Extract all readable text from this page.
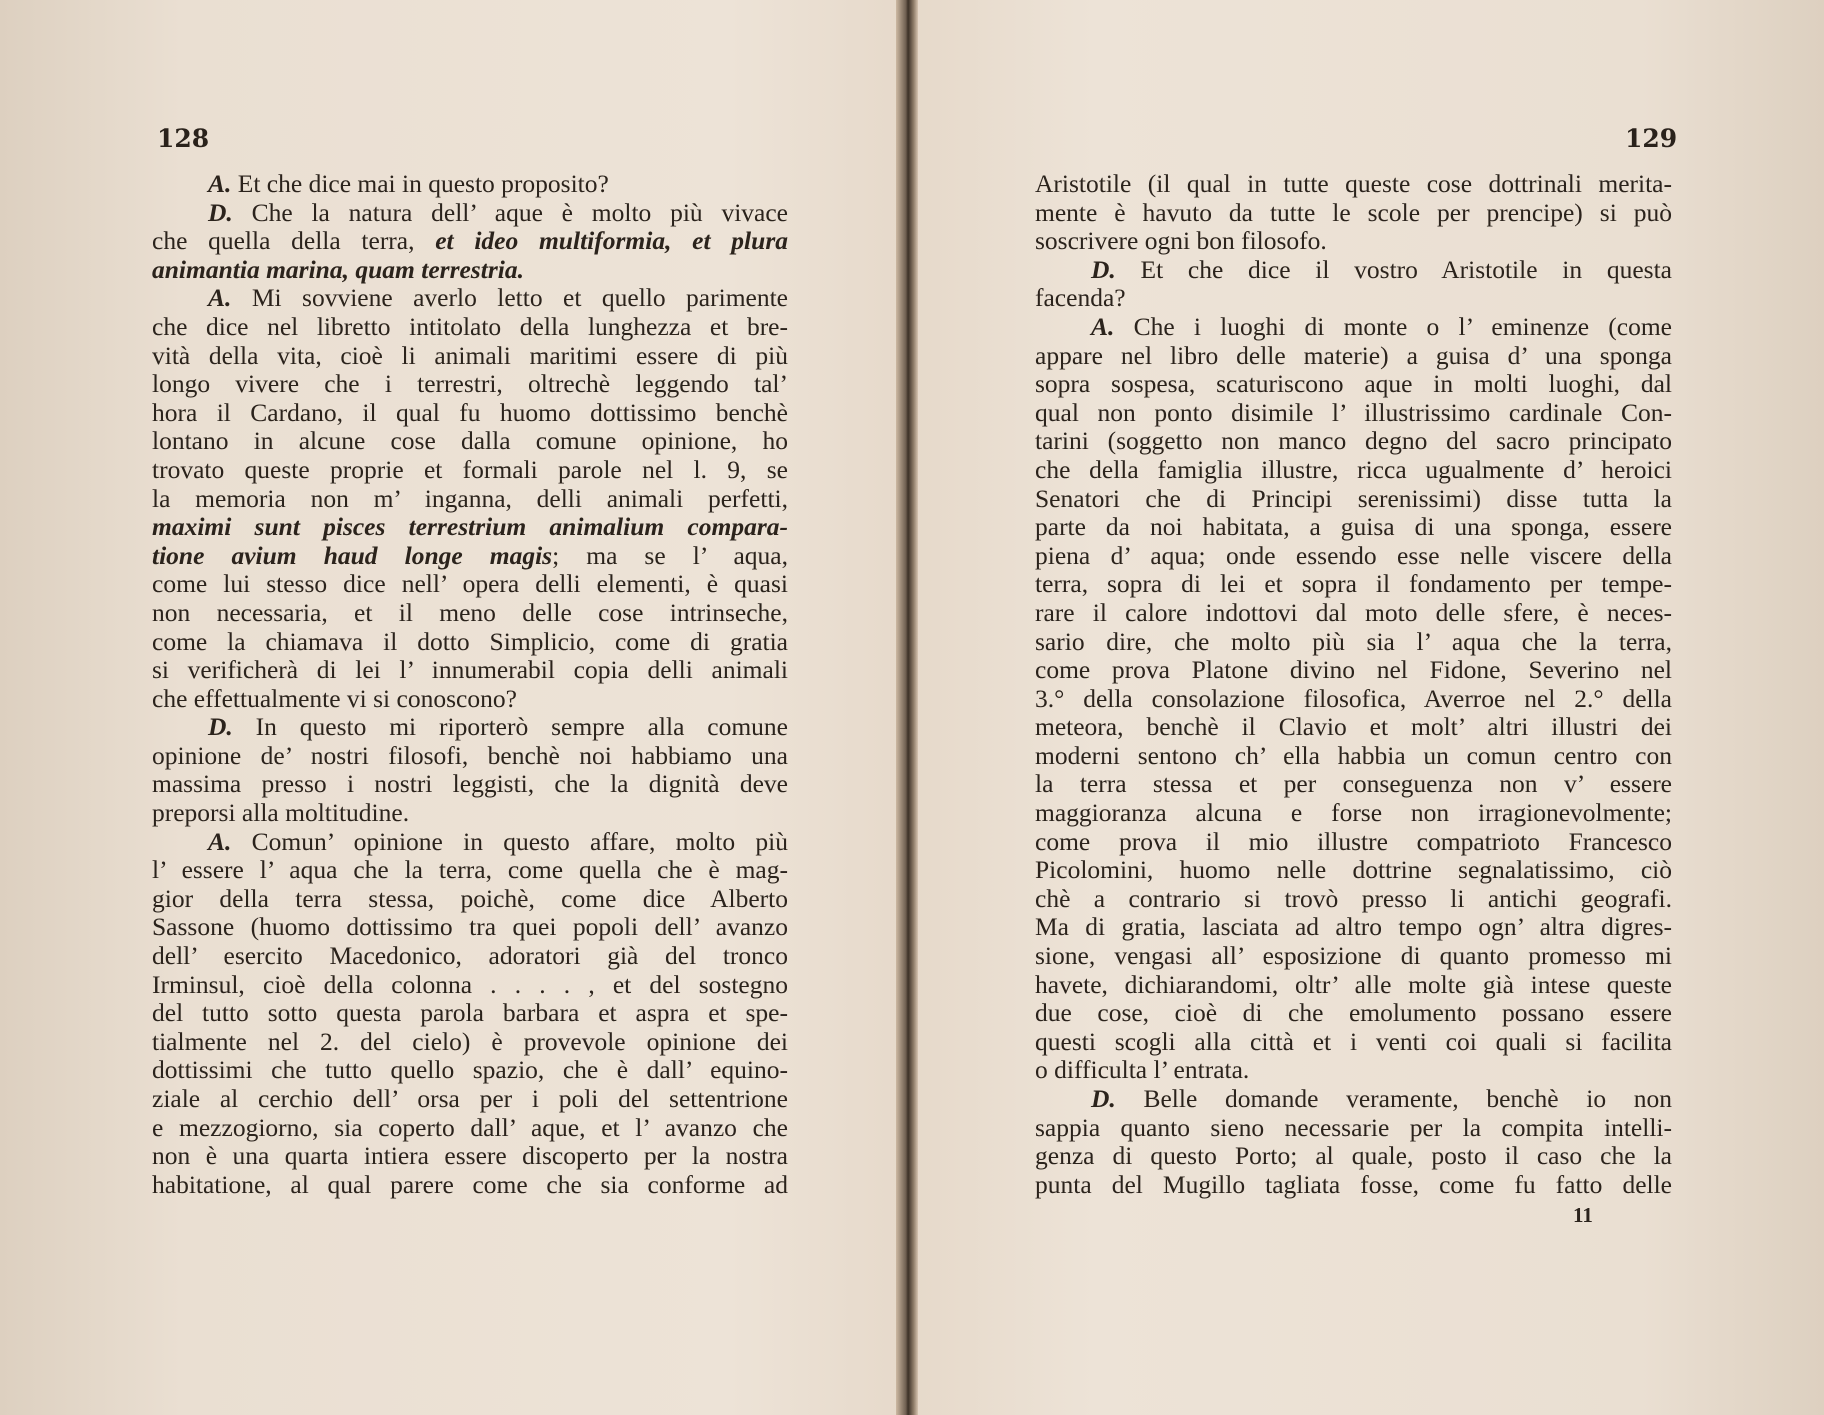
128
A. Et che dice mai in questo proposito?
D. Che la natura dell’ aque è molto più vivace
che quella della terra, et ideo multiformia, et plura
animantia marina, quam terrestria.
A. Mi sovviene averlo letto et quello parimente
che dice nel libretto intitolato della lunghezza et bre-
vità della vita, cioè li animali maritimi essere di più
longo vivere che i terrestri, oltrechè leggendo tal’
hora il Cardano, il qual fu huomo dottissimo benchè
lontano in alcune cose dalla comune opinione, ho
trovato queste proprie et formali parole nel l. 9, se
la memoria non m’ inganna, delli animali perfetti,
maximi sunt pisces terrestrium animalium compara-
tione avium haud longe magis; ma se l’ aqua,
come lui stesso dice nell’ opera delli elementi, è quasi
non necessaria, et il meno delle cose intrinseche,
come la chiamava il dotto Simplicio, come di gratia
si verificherà di lei l’ innumerabil copia delli animali
che effettualmente vi si conoscono?
D. In questo mi riporterò sempre alla comune
opinione de’ nostri filosofi, benchè noi habbiamo una
massima presso i nostri leggisti, che la dignità deve
preporsi alla moltitudine.
A. Comun’ opinione in questo affare, molto più
l’ essere l’ aqua che la terra, come quella che è mag-
gior della terra stessa, poichè, come dice Alberto
Sassone (huomo dottissimo tra quei popoli dell’ avanzo
dell’ esercito Macedonico, adoratori già del tronco
Irminsul, cioè della colonna . . . . , et del sostegno
del tutto sotto questa parola barbara et aspra et spe-
tialmente nel 2. del cielo) è provevole opinione dei
dottissimi che tutto quello spazio, che è dall’ equino-
ziale al cerchio dell’ orsa per i poli del settentrione
e mezzogiorno, sia coperto dall’ aque, et l’ avanzo che
non è una quarta intiera essere discoperto per la nostra
habitatione, al qual parere come che sia conforme ad
129
Aristotile (il qual in tutte queste cose dottrinali merita-
mente è havuto da tutte le scole per prencipe) si può
soscrivere ogni bon filosofo.
D. Et che dice il vostro Aristotile in questa
facenda?
A. Che i luoghi di monte o l’ eminenze (come
appare nel libro delle materie) a guisa d’ una sponga
sopra sospesa, scaturiscono aque in molti luoghi, dal
qual non ponto disimile l’ illustrissimo cardinale Con-
tarini (soggetto non manco degno del sacro principato
che della famiglia illustre, ricca ugualmente d’ heroici
Senatori che di Principi serenissimi) disse tutta la
parte da noi habitata, a guisa di una sponga, essere
piena d’ aqua; onde essendo esse nelle viscere della
terra, sopra di lei et sopra il fondamento per tempe-
rare il calore indottovi dal moto delle sfere, è neces-
sario dire, che molto più sia l’ aqua che la terra,
come prova Platone divino nel Fidone, Severino nel
3.° della consolazione filosofica, Averroe nel 2.° della
meteora, benchè il Clavio et molt’ altri illustri dei
moderni sentono ch’ ella habbia un comun centro con
la terra stessa et per conseguenza non v’ essere
maggioranza alcuna e forse non irragionevolmente;
come prova il mio illustre compatrioto Francesco
Picolomini, huomo nelle dottrine segnalatissimo, ciò
chè a contrario si trovò presso li antichi geografi.
Ma di gratia, lasciata ad altro tempo ogn’ altra digres-
sione, vengasi all’ esposizione di quanto promesso mi
havete, dichiarandomi, oltr’ alle molte già intese queste
due cose, cioè di che emolumento possano essere
questi scogli alla città et i venti coi quali si facilita
o difficulta l’ entrata.
D. Belle domande veramente, benchè io non
sappia quanto sieno necessarie per la compita intelli-
genza di questo Porto; al quale, posto il caso che la
punta del Mugillo tagliata fosse, come fu fatto delle
11
